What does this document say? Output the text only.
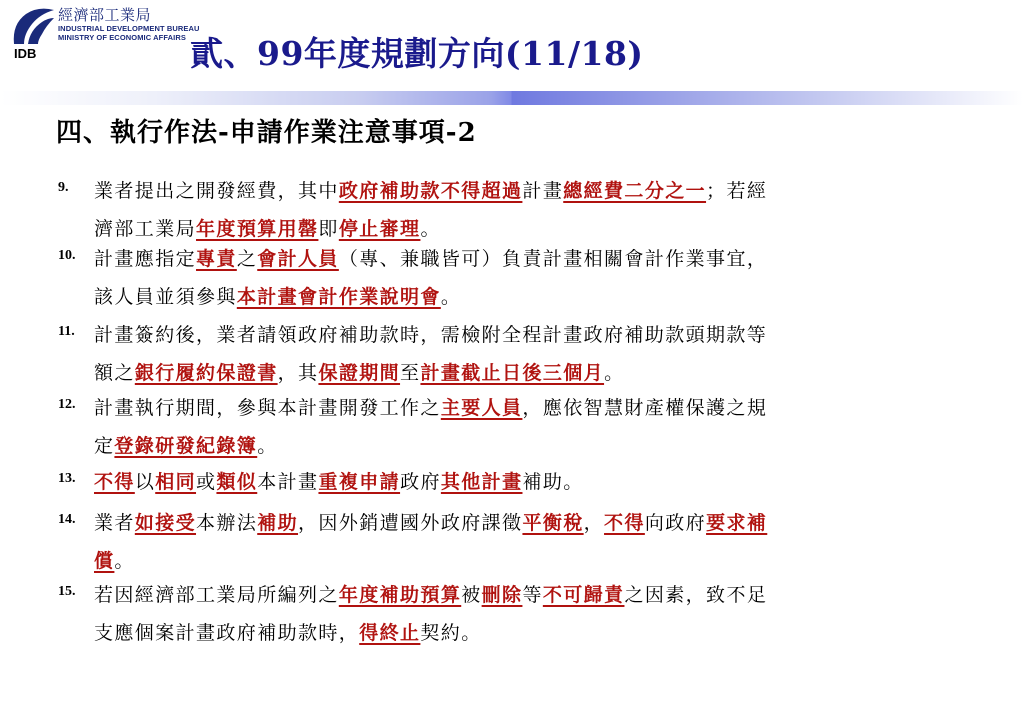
IDB
經濟部工業局
INDUSTRIAL DEVELOPMENT BUREAU
MINISTRY OF ECONOMIC AFFAIRS 貳、99年度規劃方向(11/18)
四、執行作法-申請作業注意事項-2
9.	業者提出之開發經費，其中政府補助款不得超過計畫總經費二分之一；若經
濟部工業局年度預算用罄即停止審理。
10. 計畫應指定專責之會計人員（專、兼職皆可）負責計畫相關會計作業事宜，
該人員並須參與本計畫會計作業說明會。
11.	計畫簽約後，業者請領政府補助款時，需檢附全程計畫政府補助款頭期款等
額之銀行履約保證書，其保證期間至計畫截止日後三個月。
12. 計畫執行期間，參與本計畫開發工作之主要人員，應依智慧財產權保護之規
定登錄研發紀錄簿。
13. 不得以相同或類似本計畫重複申請政府其他計畫補助。
14. 業者如接受本辦法補助，因外銷遭國外政府課徵平衡稅，不得向政府要求補
償。
15. 若因經濟部工業局所編列之年度補助預算被刪除等不可歸責之因素，致不足
支應個案計畫政府補助款時，得終止契約。
